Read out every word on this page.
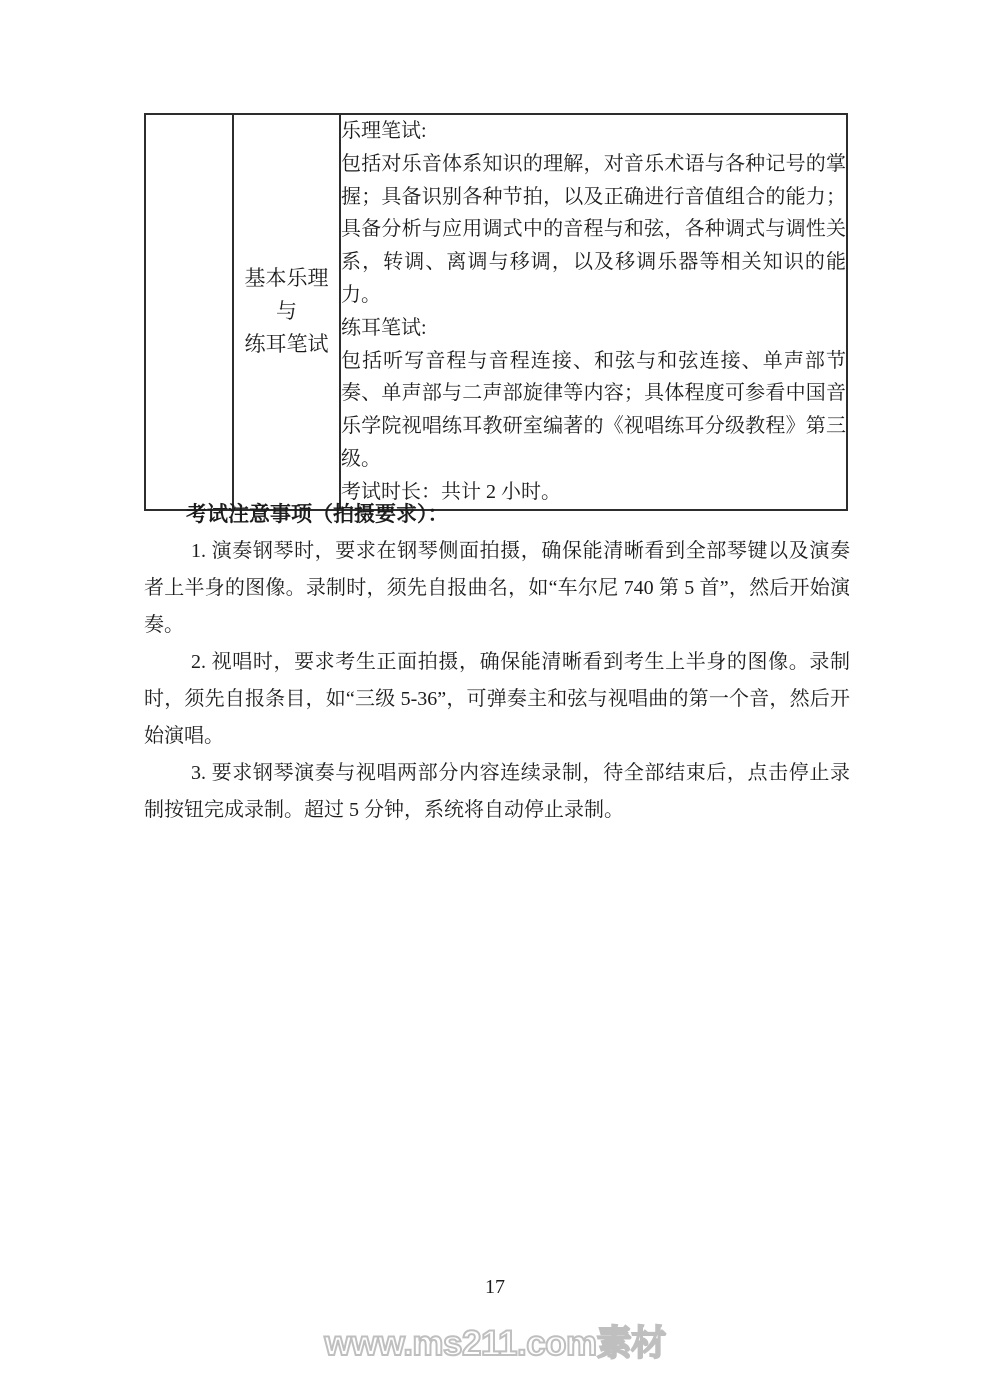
基本乐理
与
练耳笔试

乐理笔试:

包括对乐音体系知识的理解，对音乐术语与各种记号的掌握；具备识别各种节拍，以及正确进行音值组合的能力；具备分析与应用调式中的音程与和弦，各种调式与调性关系，转调、离调与移调，以及移调乐器等相关知识的能力。

练耳笔试:

包括听写音程与音程连接、和弦与和弦连接、单声部节奏、单声部与二声部旋律等内容；具体程度可参看中国音乐学院视唱练耳教研室编著的《视唱练耳分级教程》第三级。

考试时长：共计 2 小时。

考试注意事项（拍摄要求）：

1. 演奏钢琴时，要求在钢琴侧面拍摄，确保能清晰看到全部琴键以及演奏者上半身的图像。录制时，须先自报曲名，如“车尔尼 740 第 5 首”，然后开始演奏。

2. 视唱时，要求考生正面拍摄，确保能清晰看到考生上半身的图像。录制时，须先自报条目，如“三级 5-36”，可弹奏主和弦与视唱曲的第一个音，然后开始演唱。

3. 要求钢琴演奏与视唱两部分内容连续录制，待全部结束后，点击停止录制按钮完成录制。超过 5 分钟，系统将自动停止录制。

17
www.ms211.com素材
